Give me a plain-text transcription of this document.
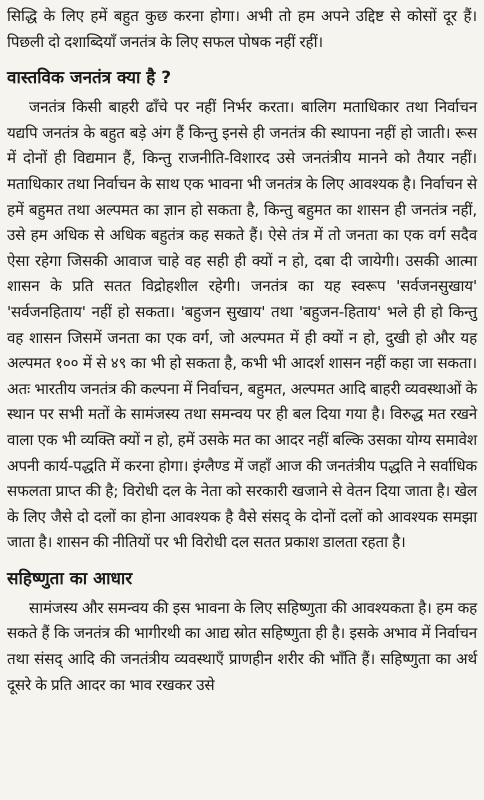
सिद्धि के लिए हमें बहुत कुछ करना होगा। अभी तो हम अपने उद्दिष्ट से कोसों दूर हैं। पिछली दो दशाब्दियाँ जनतंत्र के लिए सफल पोषक नहीं रहीं।

वास्तविक जनतंत्र क्या है ?

जनतंत्र किसी बाहरी ढाँचे पर नहीं निर्भर करता। बालिग मताधिकार तथा निर्वाचन यद्यपि जनतंत्र के बहुत बड़े अंग हैं किन्तु इनसे ही जनतंत्र की स्थापना नहीं हो जाती। रूस में दोनों ही विद्यमान हैं, किन्तु राजनीति-विशारद उसे जनतंत्रीय मानने को तैयार नहीं। मताधिकार तथा निर्वाचन के साथ एक भावना भी जनतंत्र के लिए आवश्यक है। निर्वाचन से हमें बहुमत तथा अल्पमत का ज्ञान हो सकता है, किन्तु बहुमत का शासन ही जनतंत्र नहीं, उसे हम अधिक से अधिक बहुतंत्र कह सकते हैं। ऐसे तंत्र में तो जनता का एक वर्ग सदैव ऐसा रहेगा जिसकी आवाज चाहे वह सही ही क्यों न हो, दबा दी जायेगी। उसकी आत्मा शासन के प्रति सतत विद्रोहशील रहेगी। जनतंत्र का यह स्वरूप 'सर्वजनसुखाय' 'सर्वजनहिताय' नहीं हो सकता। 'बहुजन सुखाय' तथा 'बहुजन-हिताय' भले ही हो किन्तु वह शासन जिसमें जनता का एक वर्ग, जो अल्पमत में ही क्यों न हो, दुखी हो और यह अल्पमत १०० में से ४९ का भी हो सकता है, कभी भी आदर्श शासन नहीं कहा जा सकता। अतः भारतीय जनतंत्र की कल्पना में निर्वाचन, बहुमत, अल्पमत आदि बाहरी व्यवस्थाओं के स्थान पर सभी मतों के सामंजस्य तथा समन्वय पर ही बल दिया गया है। विरुद्ध मत रखने वाला एक भी व्यक्ति क्यों न हो, हमें उसके मत का आदर नहीं बल्कि उसका योग्य समावेश अपनी कार्य-पद्धति में करना होगा। इंग्लैण्ड में जहाँ आज की जनतंत्रीय पद्धति ने सर्वाधिक सफलता प्राप्त की है; विरोधी दल के नेता को सरकारी खजाने से वेतन दिया जाता है। खेल के लिए जैसे दो दलों का होना आवश्यक है वैसे संसद् के दोनों दलों को आवश्यक समझा जाता है। शासन की नीतियों पर भी विरोधी दल सतत प्रकाश डालता रहता है।

सहिष्णुता का आधार

सामंजस्य और समन्वय की इस भावना के लिए सहिष्णुता की आवश्यकता है। हम कह सकते हैं कि जनतंत्र की भागीरथी का आद्य स्रोत सहिष्णुता ही है। इसके अभाव में निर्वाचन तथा संसद् आदि की जनतंत्रीय व्यवस्थाएँ प्राणहीन शरीर की भाँति हैं। सहिष्णुता का अर्थ दूसरे के प्रति आदर का भाव रखकर उसे
